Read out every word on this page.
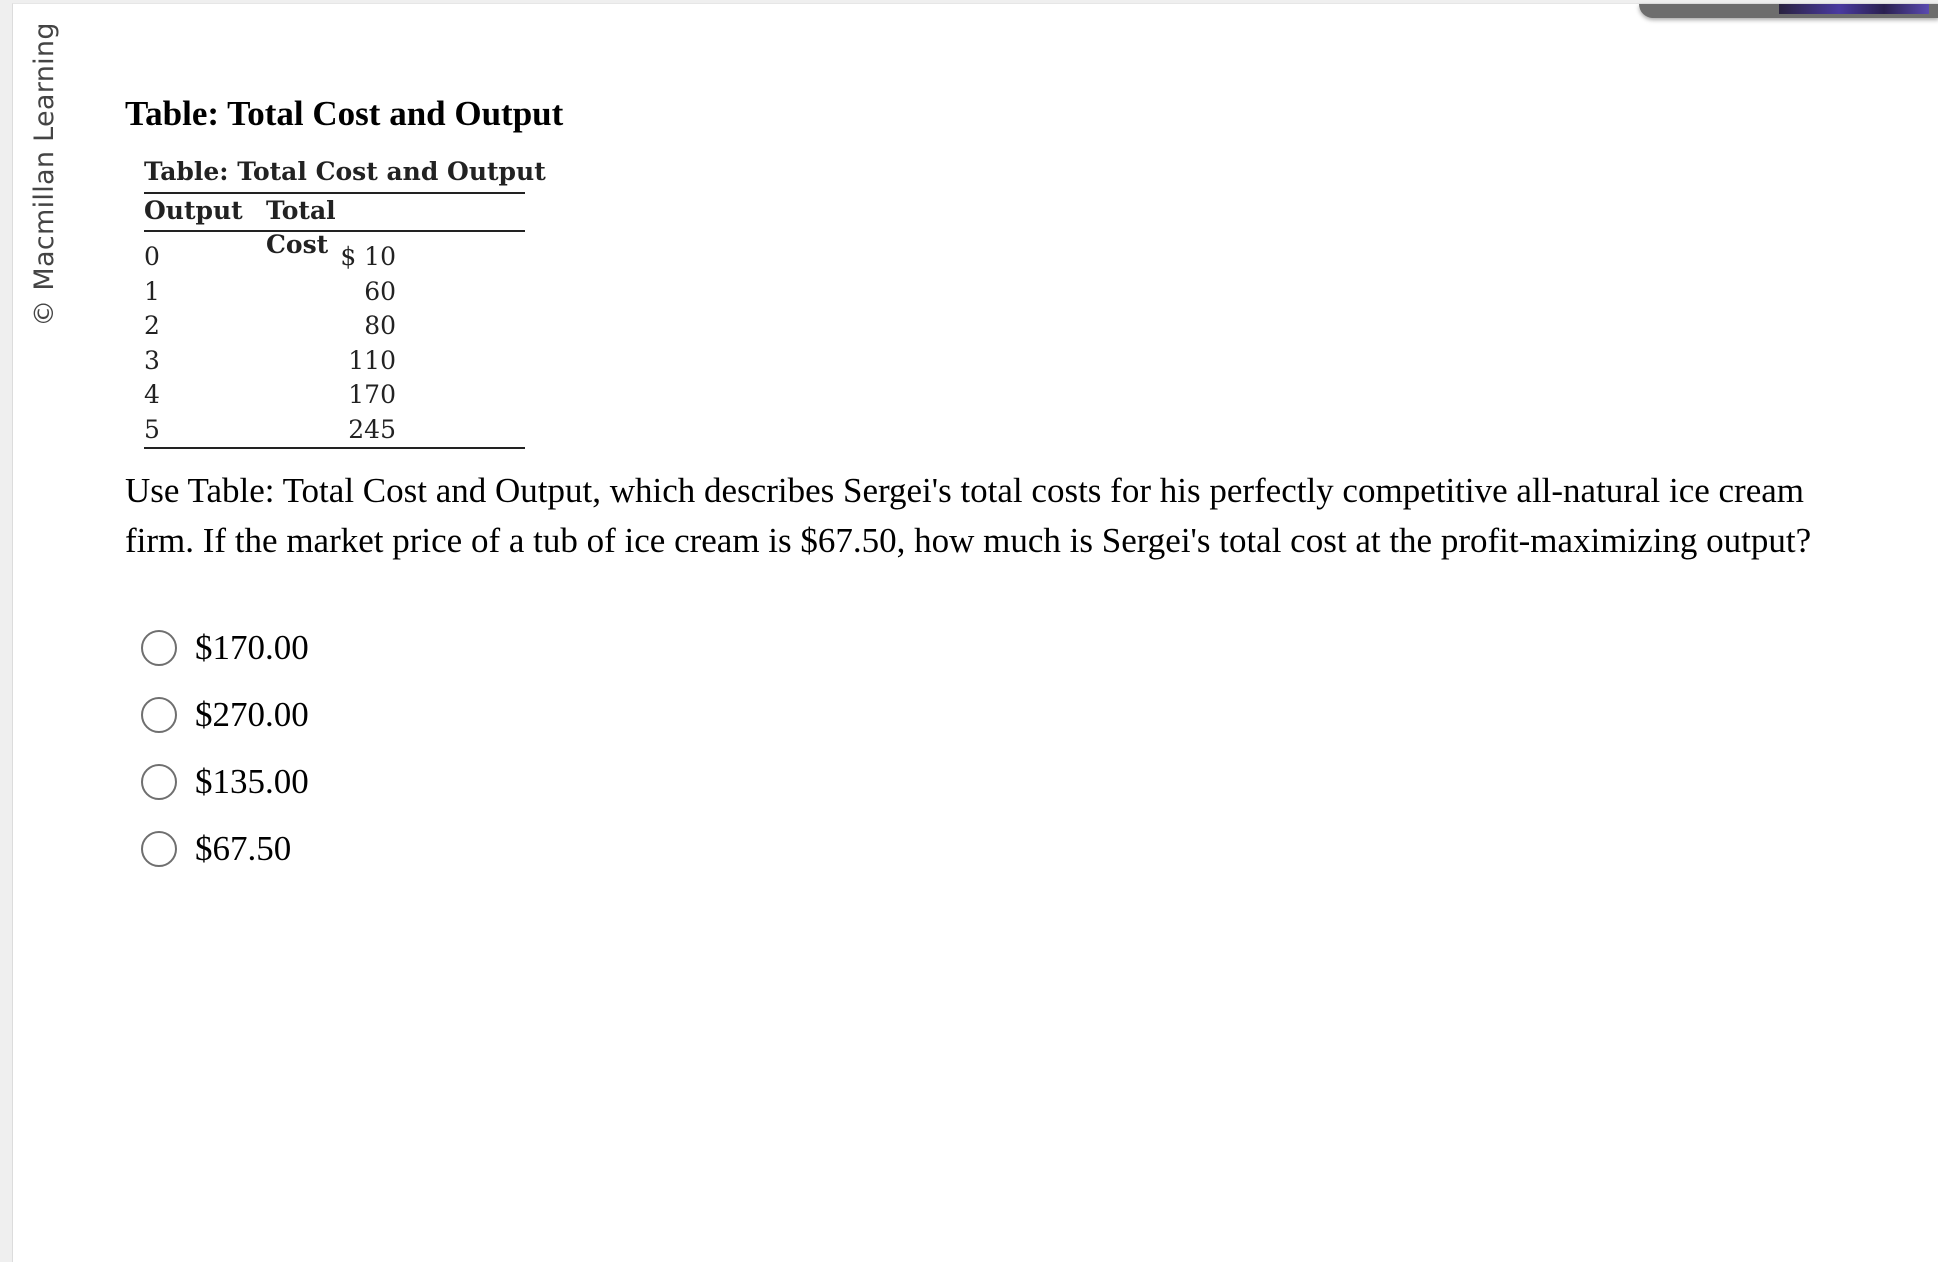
© Macmillan Learning Table: Total Cost and Output
Table: Total Cost and Output
Output Total Cost
0	$ 10
1	60
2	80
3	110
4	170
5	245

Use Table: Total Cost and Output, which describes Sergei's total costs for his perfectly competitive all-natural ice cream firm. If the market price of a tub of ice cream is $67.50, how much is Sergei's total cost at the profit-maximizing output?

$170.00
$270.00
$135.00
$67.50
